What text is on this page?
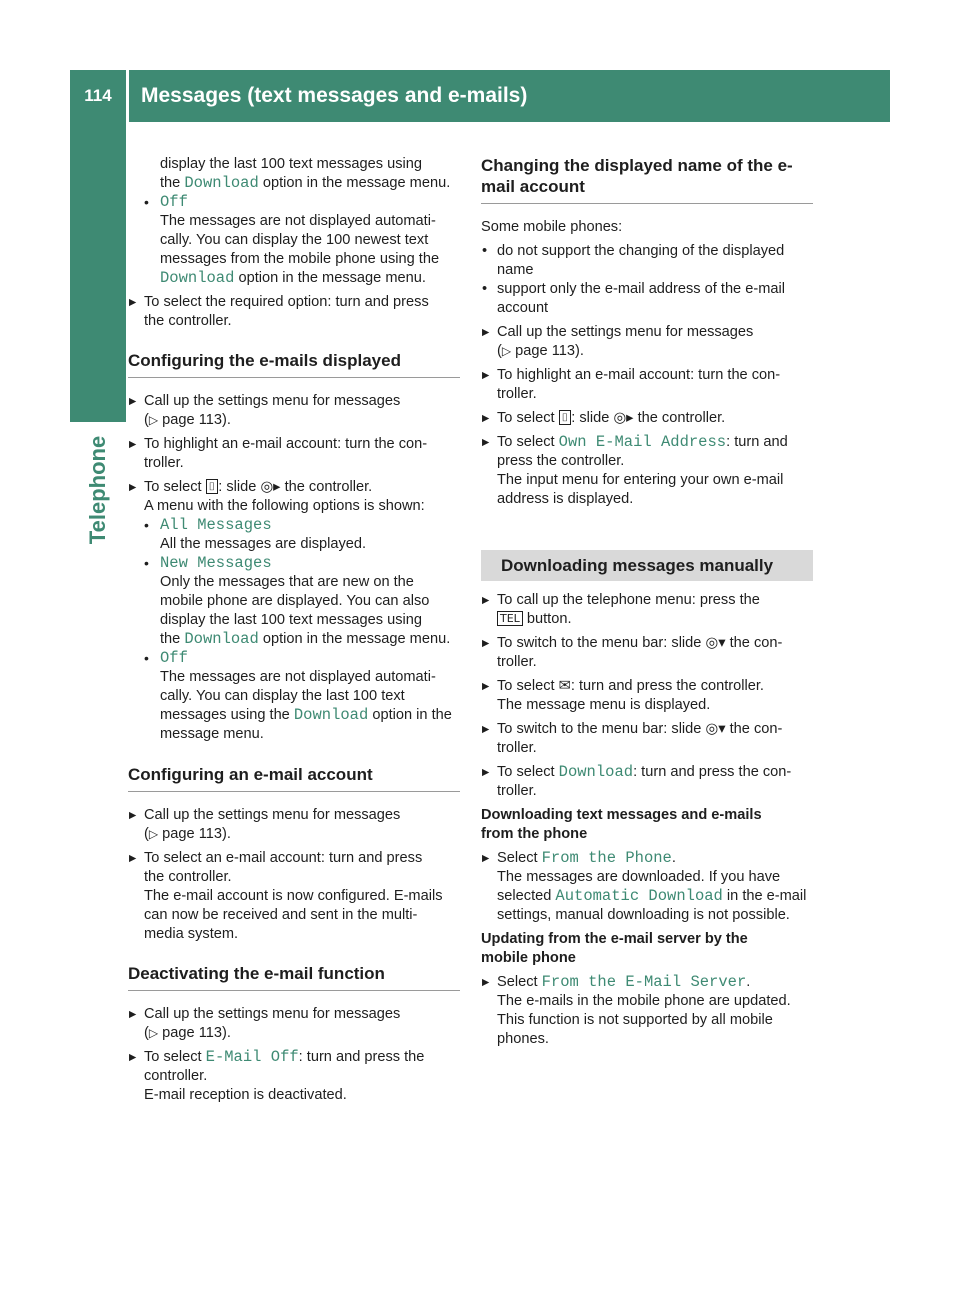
114	Messages (text messages and e-mails)
Telephone

display the last 100 text messages using

the Download option in the message menu.

• Off

The messages are not displayed automati-

cally. You can display the 100 newest text

messages from the mobile phone using the

Download option in the message menu.

▶ To select the required option: turn and press
the controller.
Configuring the e-mails displayed
▶ Call up the settings menu for messages
(▷ page 113).
▶ To highlight an e-mail account: turn the con-
troller.
▶ To select ⌷ : slide ◎▸ the controller.
A menu with the following options is shown:

• All Messages

All the messages are displayed.

• New Messages

Only the messages that are new on the

mobile phone are displayed. You can also

display the last 100 text messages using

the Download option in the message menu.

• Off

The messages are not displayed automati-

cally. You can display the last 100 text

messages using the Download option in the

message menu.

Configuring an e-mail account
▶ Call up the settings menu for messages
(▷ page 113).
▶ To select an e-mail account: turn and press
the controller.
The e-mail account is now configured. E-mails
can now be received and sent in the multi-
media system.
Deactivating the e-mail function
▶ Call up the settings menu for messages
(▷ page 113).
▶ To select E-Mail Off: turn and press the
controller.
E-mail reception is deactivated.
Changing the displayed name of the e-
mail account

Some mobile phones:

• do not support the changing of the displayed
name

• support only the e-mail address of the e-mail
account

▶ Call up the settings menu for messages
(▷ page 113).
▶ To highlight an e-mail account: turn the con-
troller.
▶ To select ⌷ : slide ◎▸ the controller.
▶ To select Own E-Mail Address: turn and
press the controller.
The input menu for entering your own e-mail
address is displayed.
Downloading messages manually
▶ To call up the telephone menu: press the
TEL button.
▶ To switch to the menu bar: slide ◎▾ the con-
troller.
▶ To select ✉: turn and press the controller.
The message menu is displayed.
▶ To switch to the menu bar: slide ◎▾ the con-
troller.
▶ To select Download: turn and press the con-
troller.
Downloading text messages and e-mails
from the phone
▶ Select From the Phone.
The messages are downloaded. If you have
selected Automatic Download in the e-mail
settings, manual downloading is not possible.
Updating from the e-mail server by the
mobile phone
▶ Select From the E-Mail Server.
The e-mails in the mobile phone are updated.
This function is not supported by all mobile
phones.
